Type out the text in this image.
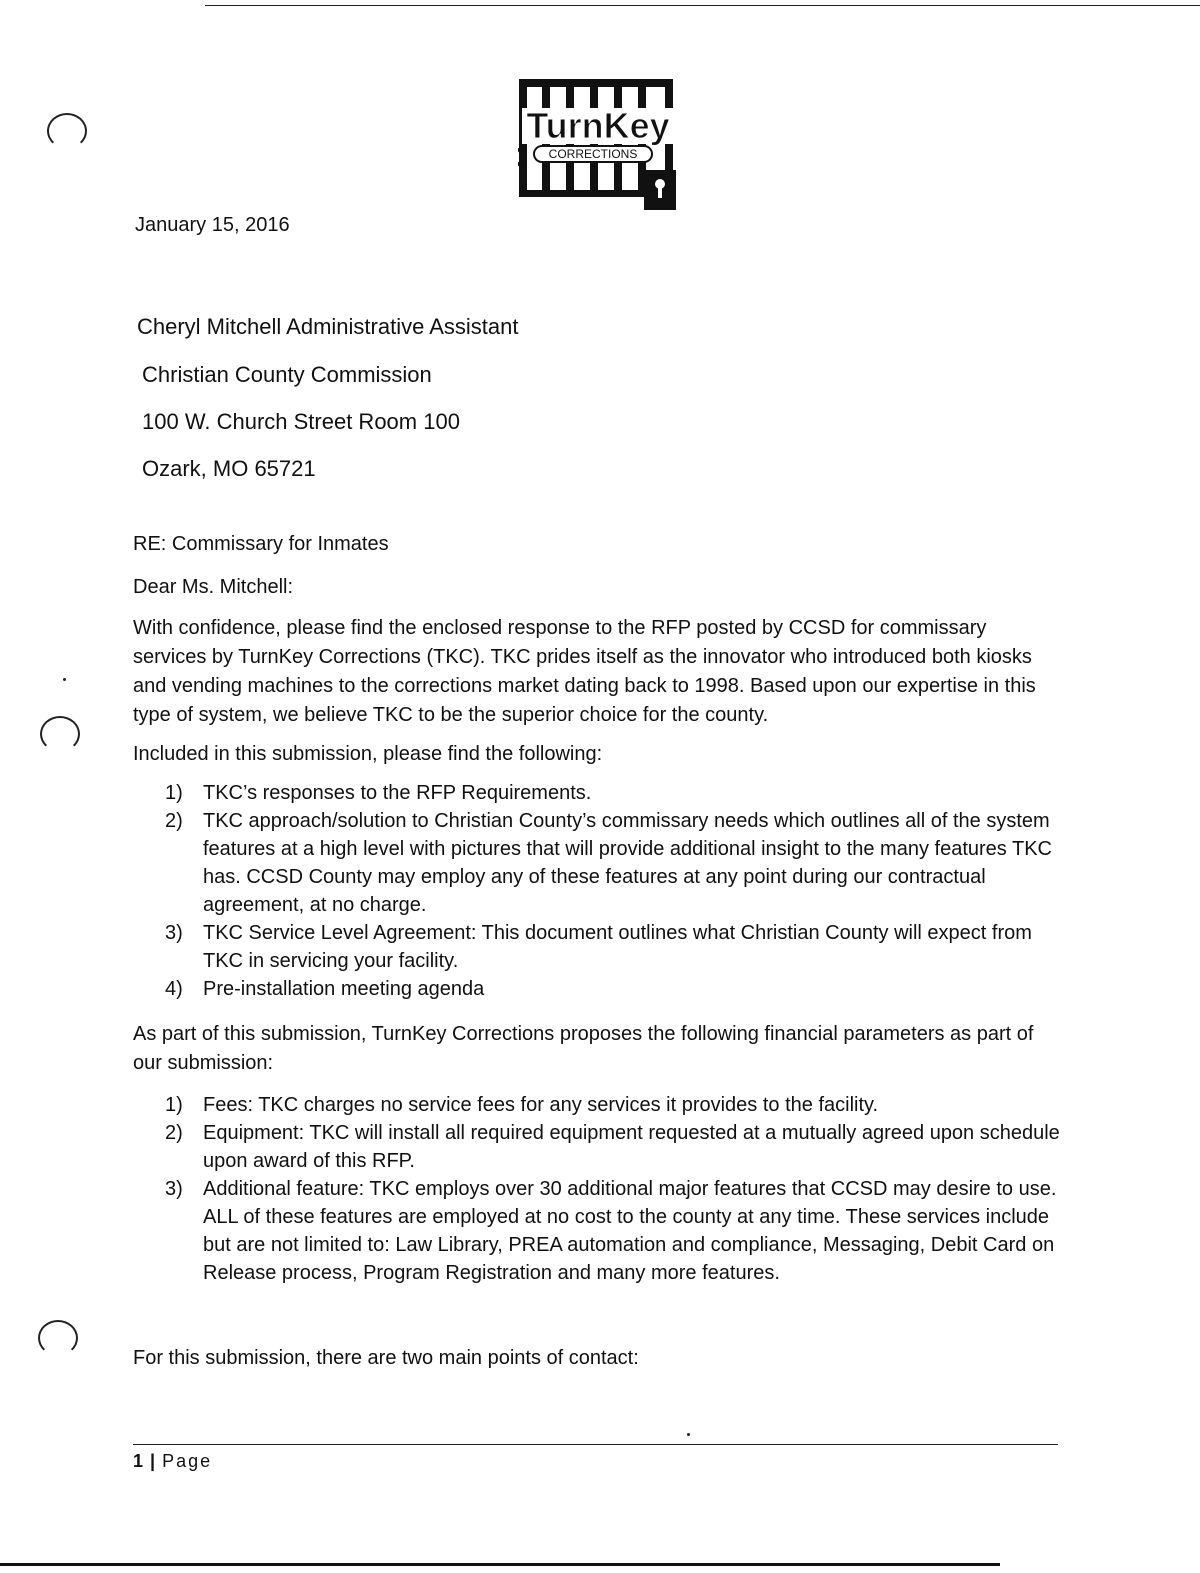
TurnKey
CORRECTIONS
January 15, 2016
Cheryl Mitchell Administrative Assistant
Christian County Commission
100 W. Church Street Room 100
Ozark, MO 65721
RE: Commissary for Inmates
Dear Ms. Mitchell:
With confidence, please find the enclosed response to the RFP posted by CCSD for commissary services by TurnKey Corrections (TKC). TKC prides itself as the innovator who introduced both kiosks and vending machines to the corrections market dating back to 1998. Based upon our expertise in this type of system, we believe TKC to be the superior choice for the county.
Included in this submission, please find the following:
1) TKC’s responses to the RFP Requirements.
2) TKC approach/solution to Christian County’s commissary needs which outlines all of the system features at a high level with pictures that will provide additional insight to the many features TKC has. CCSD County may employ any of these features at any point during our contractual agreement, at no charge.
3) TKC Service Level Agreement: This document outlines what Christian County will expect from TKC in servicing your facility.
4) Pre-installation meeting agenda
As part of this submission, TurnKey Corrections proposes the following financial parameters as part of our submission:
1) Fees: TKC charges no service fees for any services it provides to the facility.
2) Equipment: TKC will install all required equipment requested at a mutually agreed upon schedule upon award of this RFP.
3) Additional feature: TKC employs over 30 additional major features that CCSD may desire to use. ALL of these features are employed at no cost to the county at any time. These services include but are not limited to: Law Library, PREA automation and compliance, Messaging, Debit Card on Release process, Program Registration and many more features.
For this submission, there are two main points of contact:
1 | Page
